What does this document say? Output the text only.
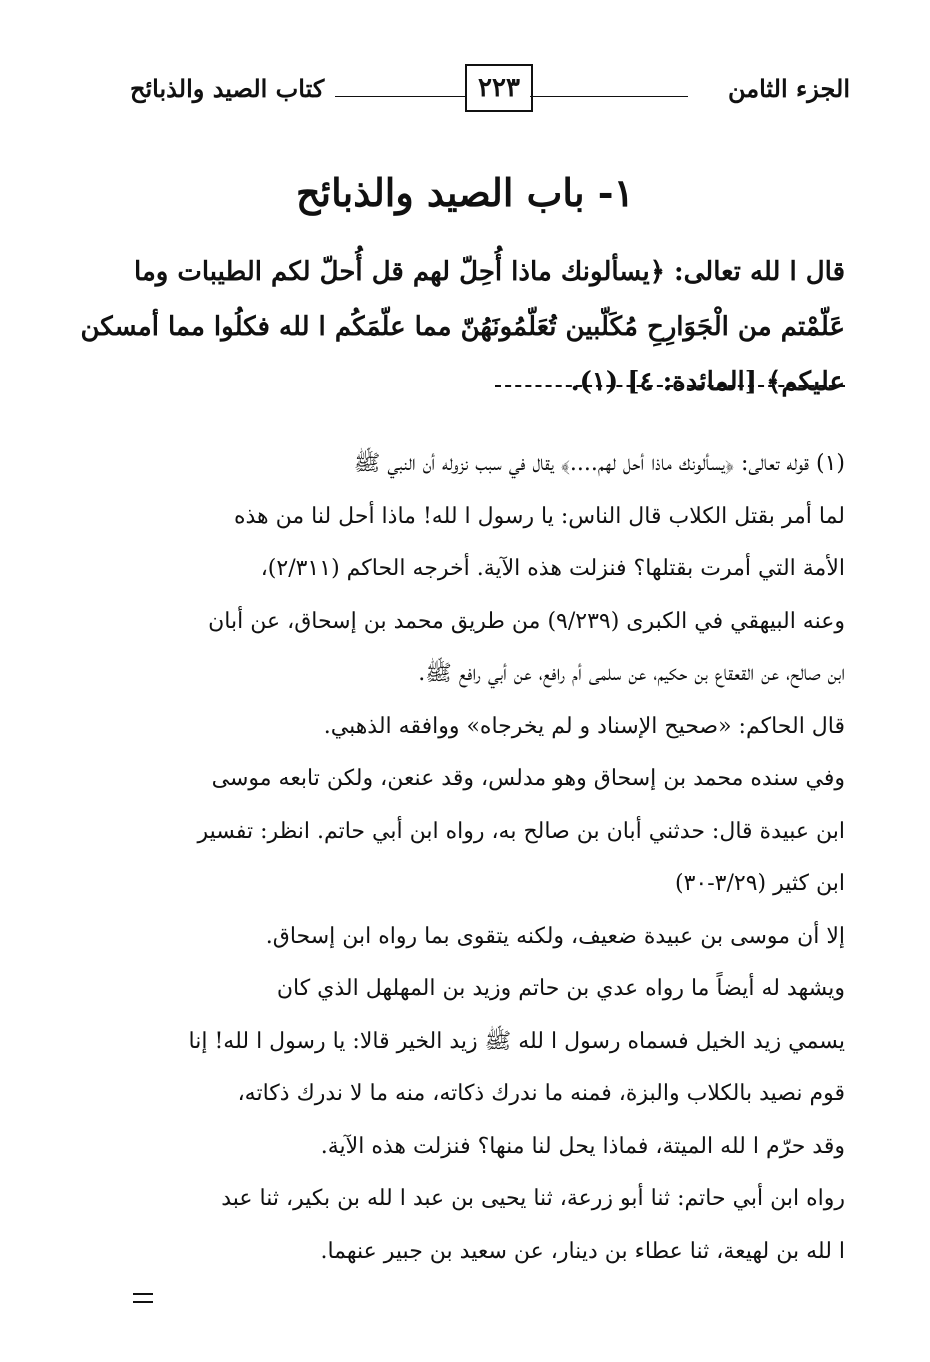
الجزء الثامن
٢٢٣
كتاب الصيد والذبائح
١- باب الصيد والذبائح
قال ا لله تعالى: ﴿يسألونك ماذا أُحِلّ لهم قل أُحلّ لكم الطيبات وما
عَلّمْتم من الْجَوَارِحِ مُكَلّبين تُعَلّمُونَهُنّ مما علّمَكُم ا لله فكلُوا مما أمسكن
عليكم﴾ [المائدة: ٤] (١).
(١) قوله تعالى: ﴿يسألونك ماذا أحل لهم....﴾ يقال في سبب نزوله أن النبي ﷺ
لما أمر بقتل الكلاب قال الناس: يا رسول ا لله! ماذا أحل لنا من هذه
الأمة التي أمرت بقتلها؟ فنزلت هذه الآية. أخرجه الحاكم (٢/٣١١)،
وعنه البيهقي في الكبرى (٩/٢٣٩) من طريق محمد بن إسحاق، عن أبان
ابن صالح، عن القعقاع بن حكيم، عن سلمى أم رافع، عن أبي رافع ﷺ.
قال الحاكم: «صحيح الإسناد و لم يخرجاه» ووافقه الذهبي.
وفي سنده محمد بن إسحاق وهو مدلس، وقد عنعن، ولكن تابعه موسى
ابن عبيدة قال: حدثني أبان بن صالح به، رواه ابن أبي حاتم. انظر: تفسير
ابن كثير (٣/٢٩-٣٠)
إلا أن موسى بن عبيدة ضعيف، ولكنه يتقوى بما رواه ابن إسحاق.
ويشهد له أيضاً ما رواه عدي بن حاتم وزيد بن المهلهل الذي كان
يسمي زيد الخيل فسماه رسول ا لله ﷺ زيد الخير قالا: يا رسول ا لله! إنا
قوم نصيد بالكلاب والبزة، فمنه ما ندرك ذكاته، منه ما لا ندرك ذكاته،
وقد حرّم ا لله الميتة، فماذا يحل لنا منها؟ فنزلت هذه الآية.
رواه ابن أبي حاتم: ثنا أبو زرعة، ثنا يحيى بن عبد ا لله بن بكير، ثنا عبد
ا لله بن لهيعة، ثنا عطاء بن دينار، عن سعيد بن جبير عنهما.
